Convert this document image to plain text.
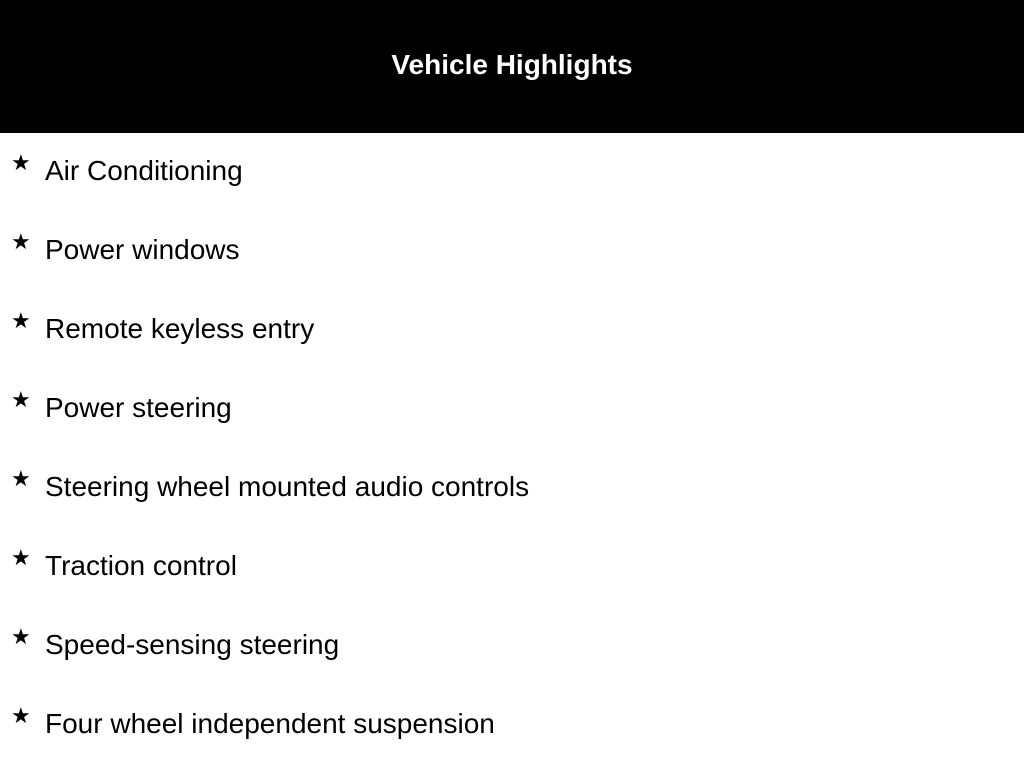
Vehicle Highlights
★ Air Conditioning
★ Power windows
★ Remote keyless entry
★ Power steering
★ Steering wheel mounted audio controls
★ Traction control
★ Speed-sensing steering
★ Four wheel independent suspension
